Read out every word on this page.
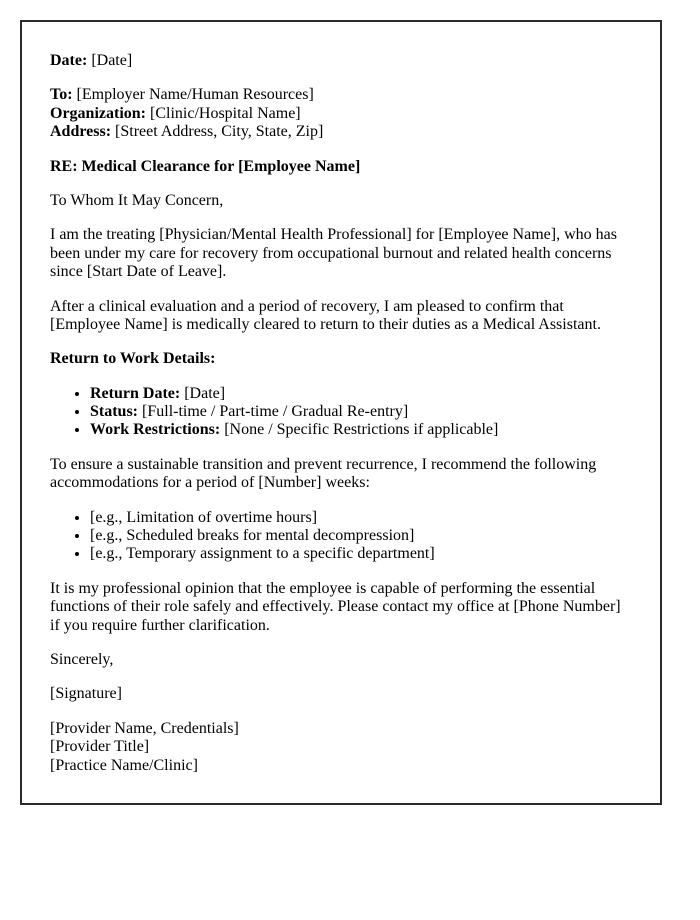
Date: [Date]

To: [Employer Name/Human Resources]
Organization: [Clinic/Hospital Name]
Address: [Street Address, City, State, Zip]

RE: Medical Clearance for [Employee Name]

To Whom It May Concern,

I am the treating [Physician/Mental Health Professional] for [Employee Name], who has been under my care for recovery from occupational burnout and related health concerns since [Start Date of Leave].

After a clinical evaluation and a period of recovery, I am pleased to confirm that [Employee Name] is medically cleared to return to their duties as a Medical Assistant.

Return to Work Details:

• Return Date: [Date]
• Status: [Full-time / Part-time / Gradual Re-entry]
• Work Restrictions: [None / Specific Restrictions if applicable]

To ensure a sustainable transition and prevent recurrence, I recommend the following accommodations for a period of [Number] weeks:

• [e.g., Limitation of overtime hours]
• [e.g., Scheduled breaks for mental decompression]
• [e.g., Temporary assignment to a specific department]

It is my professional opinion that the employee is capable of performing the essential functions of their role safely and effectively. Please contact my office at [Phone Number] if you require further clarification.

Sincerely,

[Signature]

[Provider Name, Credentials]
[Provider Title]
[Practice Name/Clinic]
